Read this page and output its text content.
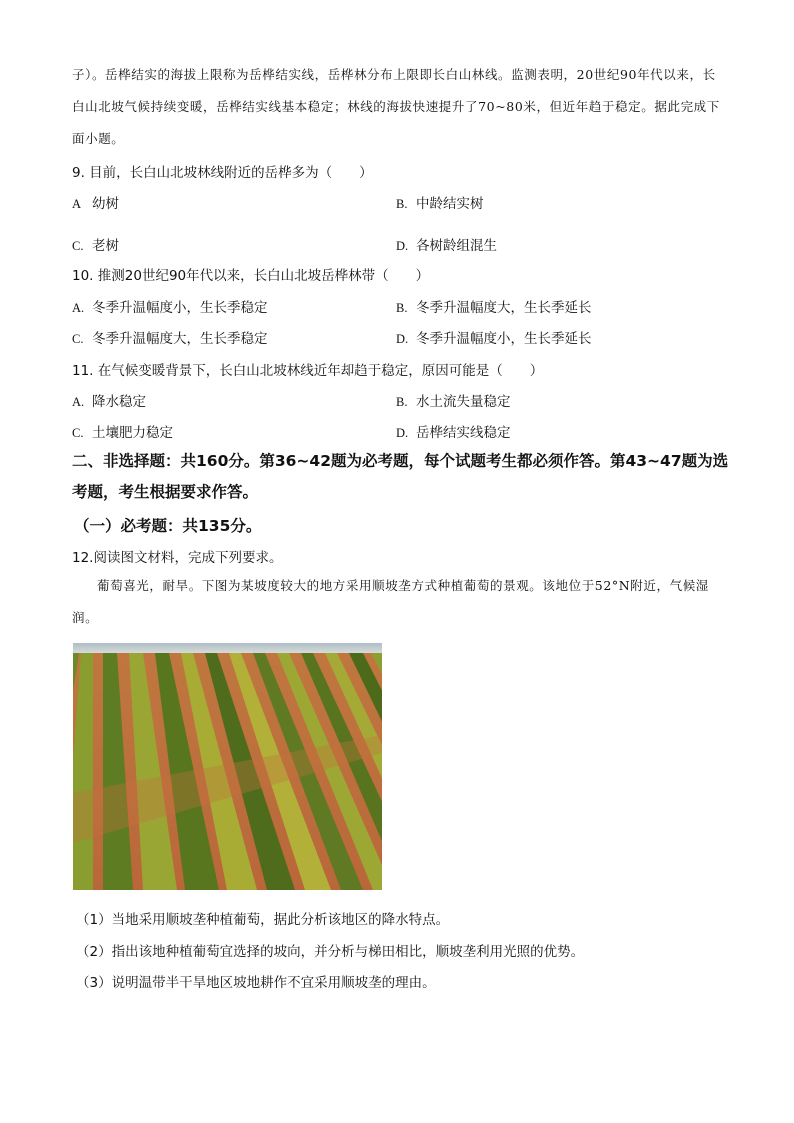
子）。岳桦结实的海拔上限称为岳桦结实线，岳桦林分布上限即长白山林线。监测表明，20世纪90年代以来，长白山北坡气候持续变暖，岳桦结实线基本稳定；林线的海拔快速提升了70~80米，但近年趋于稳定。据此完成下面小题。
9. 目前，长白山北坡林线附近的岳桦多为（　　）
A 幼树	B. 中龄结实树
C. 老树	D. 各树龄组混生
10. 推测20世纪90年代以来，长白山北坡岳桦林带（　　）
A. 冬季升温幅度小，生长季稳定	B. 冬季升温幅度大，生长季延长
C. 冬季升温幅度大，生长季稳定	D. 冬季升温幅度小，生长季延长
11. 在气候变暖背景下，长白山北坡林线近年却趋于稳定，原因可能是（　　）
A. 降水稳定	B. 水土流失量稳定
C. 土壤肥力稳定	D. 岳桦结实线稳定
二、非选择题：共160分。第36~42题为必考题，每个试题考生都必须作答。第43~47题为选考题，考生根据要求作答。
（一）必考题：共135分。
12.阅读图文材料，完成下列要求。
葡萄喜光，耐旱。下图为某坡度较大的地方采用顺坡垄方式种植葡萄的景观。该地位于52°N附近，气候湿润。
（1）当地采用顺坡垄种植葡萄，据此分析该地区的降水特点。
（2）指出该地种植葡萄宜选择的坡向，并分析与梯田相比，顺坡垄利用光照的优势。
（3）说明温带半干旱地区坡地耕作不宜采用顺坡垄的理由。
